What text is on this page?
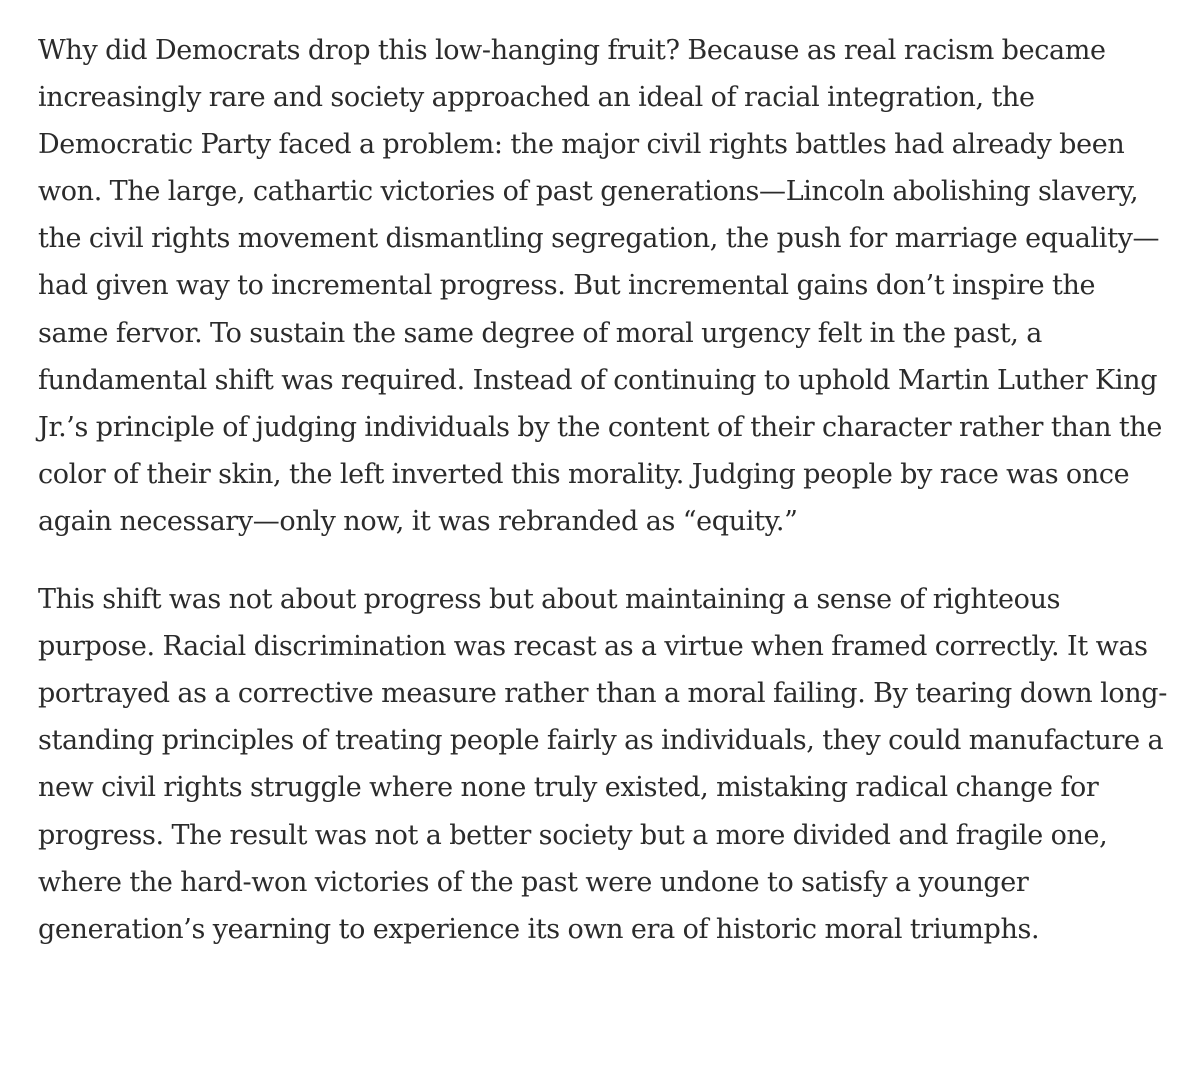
Why did Democrats drop this low-hanging fruit? Because as real racism became increasingly rare and society approached an ideal of racial integration, the Democratic Party faced a problem: the major civil rights battles had already been won. The large, cathartic victories of past generations—Lincoln abolishing slavery, the civil rights movement dismantling segregation, the push for marriage equality—had given way to incremental progress. But incremental gains don’t inspire the same fervor. To sustain the same degree of moral urgency felt in the past, a fundamental shift was required. Instead of continuing to uphold Martin Luther King Jr.’s principle of judging individuals by the content of their character rather than the color of their skin, the left inverted this morality. Judging people by race was once again necessary—only now, it was rebranded as “equity.”

This shift was not about progress but about maintaining a sense of righteous purpose. Racial discrimination was recast as a virtue when framed correctly. It was portrayed as a corrective measure rather than a moral failing. By tearing down long-standing principles of treating people fairly as individuals, they could manufacture a new civil rights struggle where none truly existed, mistaking radical change for progress. The result was not a better society but a more divided and fragile one, where the hard-won victories of the past were undone to satisfy a younger generation’s yearning to experience its own era of historic moral triumphs.
